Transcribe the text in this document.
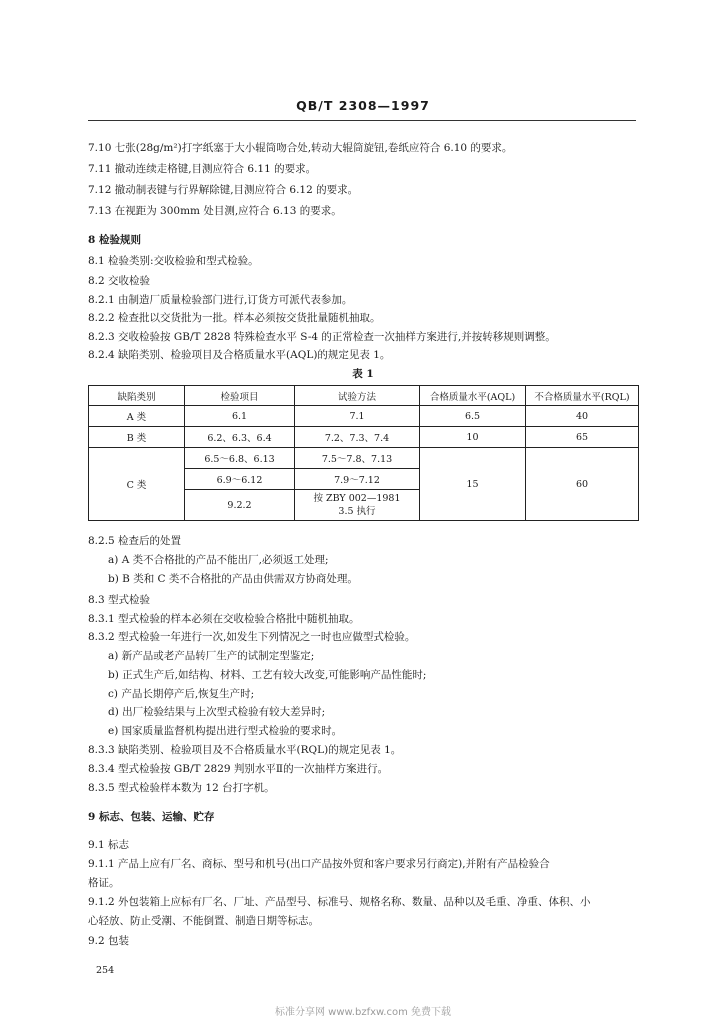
QB/T 2308—1997
7.10 七张(28g/m²)打字纸塞于大小辊筒吻合处,转动大辊筒旋钮,卷纸应符合 6.10 的要求。
7.11 撤动连续走格键,目测应符合 6.11 的要求。
7.12 撤动制表键与行界解除键,目测应符合 6.12 的要求。
7.13 在视距为 300mm 处目测,应符合 6.13 的要求。
8 检验规则
8.1 检验类别:交收检验和型式检验。
8.2 交收检验
8.2.1 由制造厂质量检验部门进行,订货方可派代表参加。
8.2.2 检查批以交货批为一批。样本必须按交货批量随机抽取。
8.2.3 交收检验按 GB/T 2828 特殊检查水平 S-4 的正常检查一次抽样方案进行,并按转移规则调整。
8.2.4 缺陷类别、检验项目及合格质量水平(AQL)的规定见表 1。
表 1
缺陷类别	检验项目	试验方法	合格质量水平(AQL)	不合格质量水平(RQL)
A 类	6.1	7.1	6.5	40
B 类	6.2、6.3、6.4	7.2、7.3、7.4	10	65
C 类	6.5～6.8、6.13	7.5～7.8、7.13	15	60
	6.9～6.12	7.9～7.12		
	9.2.2	按 ZBY 002—1981
3.5 执行		
8.2.5 检查后的处置
a) A 类不合格批的产品不能出厂,必须返工处理;
b) B 类和 C 类不合格批的产品由供需双方协商处理。
8.3 型式检验
8.3.1 型式检验的样本必须在交收检验合格批中随机抽取。
8.3.2 型式检验一年进行一次,如发生下列情况之一时也应做型式检验。
a) 新产品或老产品转厂生产的试制定型鉴定;
b) 正式生产后,如结构、材料、工艺有较大改变,可能影响产品性能时;
c) 产品长期停产后,恢复生产时;
d) 出厂检验结果与上次型式检验有较大差异时;
e) 国家质量监督机构提出进行型式检验的要求时。
8.3.3 缺陷类别、检验项目及不合格质量水平(RQL)的规定见表 1。
8.3.4 型式检验按 GB/T 2829 判别水平Ⅱ的一次抽样方案进行。
8.3.5 型式检验样本数为 12 台打字机。
9 标志、包装、运输、贮存
9.1 标志
9.1.1 产品上应有厂名、商标、型号和机号(出口产品按外贸和客户要求另行商定),并附有产品检验合
格证。
9.1.2 外包装箱上应标有厂名、厂址、产品型号、标准号、规格名称、数量、品种以及毛重、净重、体积、小
心轻放、防止受潮、不能倒置、制造日期等标志。
9.2 包装
254
标准分享网 www.bzfxw.com 免费下载
